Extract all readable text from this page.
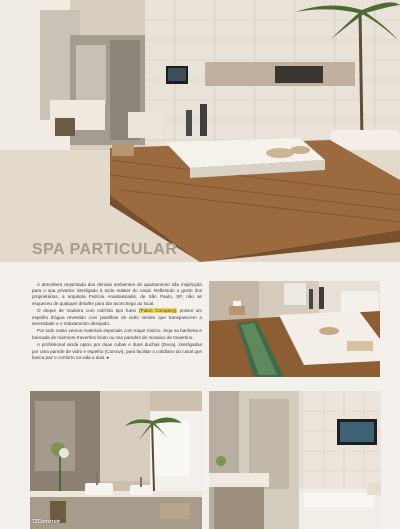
SPA PARTICULAR

A atmosfera requintada dos demais ambientes do apartamento são inspiração para o spa privativo interligado à suíte máster do casal. Refletindo o gosto dos proprietários, a arquiteta Patrícia Anastassiadis, de São Paulo, SP, não se esqueceu de qualquer detalhe para dar aconchego ao local.

O deque de madeira com colchão tipo futon (Futon Company) possui um espelho d'água revestido com pastilhas de vidro verdes que transparecem a serenidade e o relaxamento desejado.

Por todo canto vemos materiais especiais com toque rústico. Seja na banheira e bancada de mármore travertino bruto ou nas paredes de mosaico de travertino.

A profissional ainda optou por duas cubas e duas duchas (Deca), interligadas por uma parede de vidro e espelho (Comovi), para facilitar o cotidiano do casal que busca paz e conforto na vida a dois. ▸

72Construir
